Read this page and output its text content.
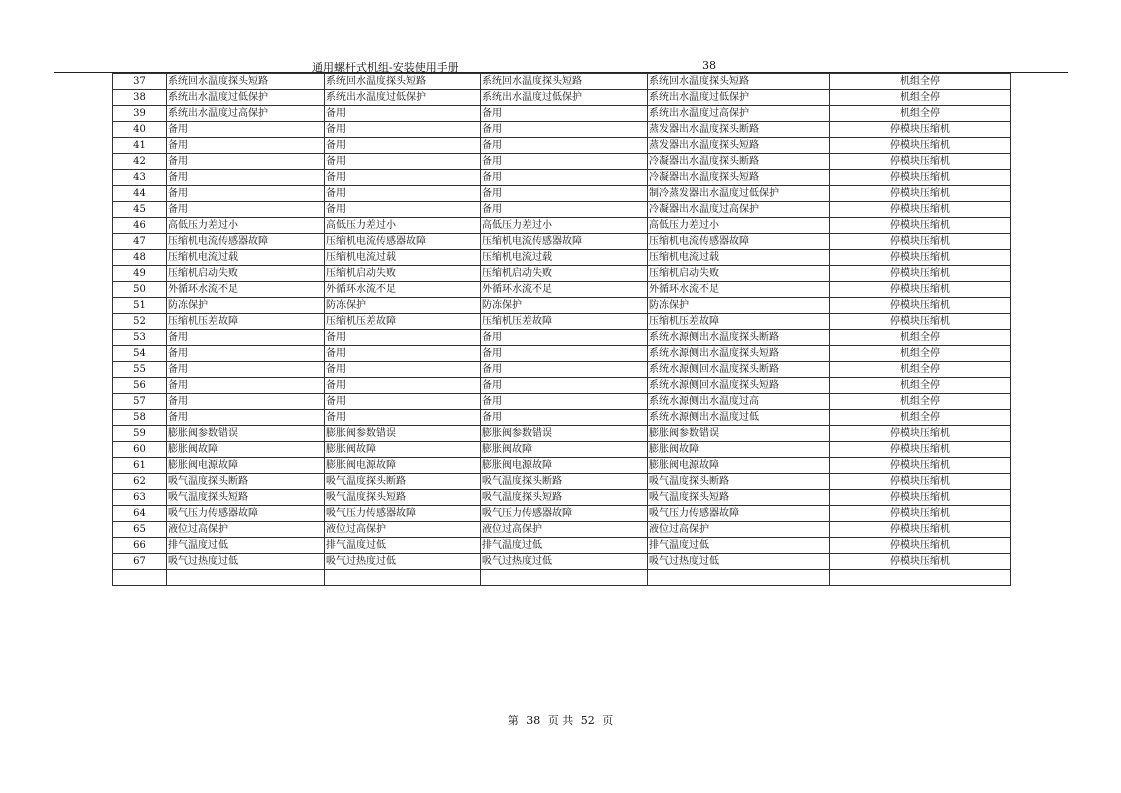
通用螺杆式机组-安装使用手册	38
37	系统回水温度探头短路	系统回水温度探头短路	系统回水温度探头短路	系统回水温度探头短路	机组全停
38	系统出水温度过低保护	系统出水温度过低保护	系统出水温度过低保护	系统出水温度过低保护	机组全停
39	系统出水温度过高保护	备用	备用	系统出水温度过高保护	机组全停
40	备用	备用	备用	蒸发器出水温度探头断路	停模块压缩机
41	备用	备用	备用	蒸发器出水温度探头短路	停模块压缩机
42	备用	备用	备用	冷凝器出水温度探头断路	停模块压缩机
43	备用	备用	备用	冷凝器出水温度探头短路	停模块压缩机
44	备用	备用	备用	制冷蒸发器出水温度过低保护	停模块压缩机
45	备用	备用	备用	冷凝器出水温度过高保护	停模块压缩机
46	高低压力差过小	高低压力差过小	高低压力差过小	高低压力差过小	停模块压缩机
47	压缩机电流传感器故障	压缩机电流传感器故障	压缩机电流传感器故障	压缩机电流传感器故障	停模块压缩机
48	压缩机电流过载	压缩机电流过载	压缩机电流过载	压缩机电流过载	停模块压缩机
49	压缩机启动失败	压缩机启动失败	压缩机启动失败	压缩机启动失败	停模块压缩机
50	外循环水流不足	外循环水流不足	外循环水流不足	外循环水流不足	停模块压缩机
51	防冻保护	防冻保护	防冻保护	防冻保护	停模块压缩机
52	压缩机压差故障	压缩机压差故障	压缩机压差故障	压缩机压差故障	停模块压缩机
53	备用	备用	备用	系统水源侧出水温度探头断路	机组全停
54	备用	备用	备用	系统水源侧出水温度探头短路	机组全停
55	备用	备用	备用	系统水源侧回水温度探头断路	机组全停
56	备用	备用	备用	系统水源侧回水温度探头短路	机组全停
57	备用	备用	备用	系统水源侧出水温度过高	机组全停
58	备用	备用	备用	系统水源侧出水温度过低	机组全停
59	膨胀阀参数错误	膨胀阀参数错误	膨胀阀参数错误	膨胀阀参数错误	停模块压缩机
60	膨胀阀故障	膨胀阀故障	膨胀阀故障	膨胀阀故障	停模块压缩机
61	膨胀阀电源故障	膨胀阀电源故障	膨胀阀电源故障	膨胀阀电源故障	停模块压缩机
62	吸气温度探头断路	吸气温度探头断路	吸气温度探头断路	吸气温度探头断路	停模块压缩机
63	吸气温度探头短路	吸气温度探头短路	吸气温度探头短路	吸气温度探头短路	停模块压缩机
64	吸气压力传感器故障	吸气压力传感器故障	吸气压力传感器故障	吸气压力传感器故障	停模块压缩机
65	液位过高保护	液位过高保护	液位过高保护	液位过高保护	停模块压缩机
66	排气温度过低	排气温度过低	排气温度过低	排气温度过低	停模块压缩机
67	吸气过热度过低	吸气过热度过低	吸气过热度过低	吸气过热度过低	停模块压缩机

第 38 页 共 52 页
